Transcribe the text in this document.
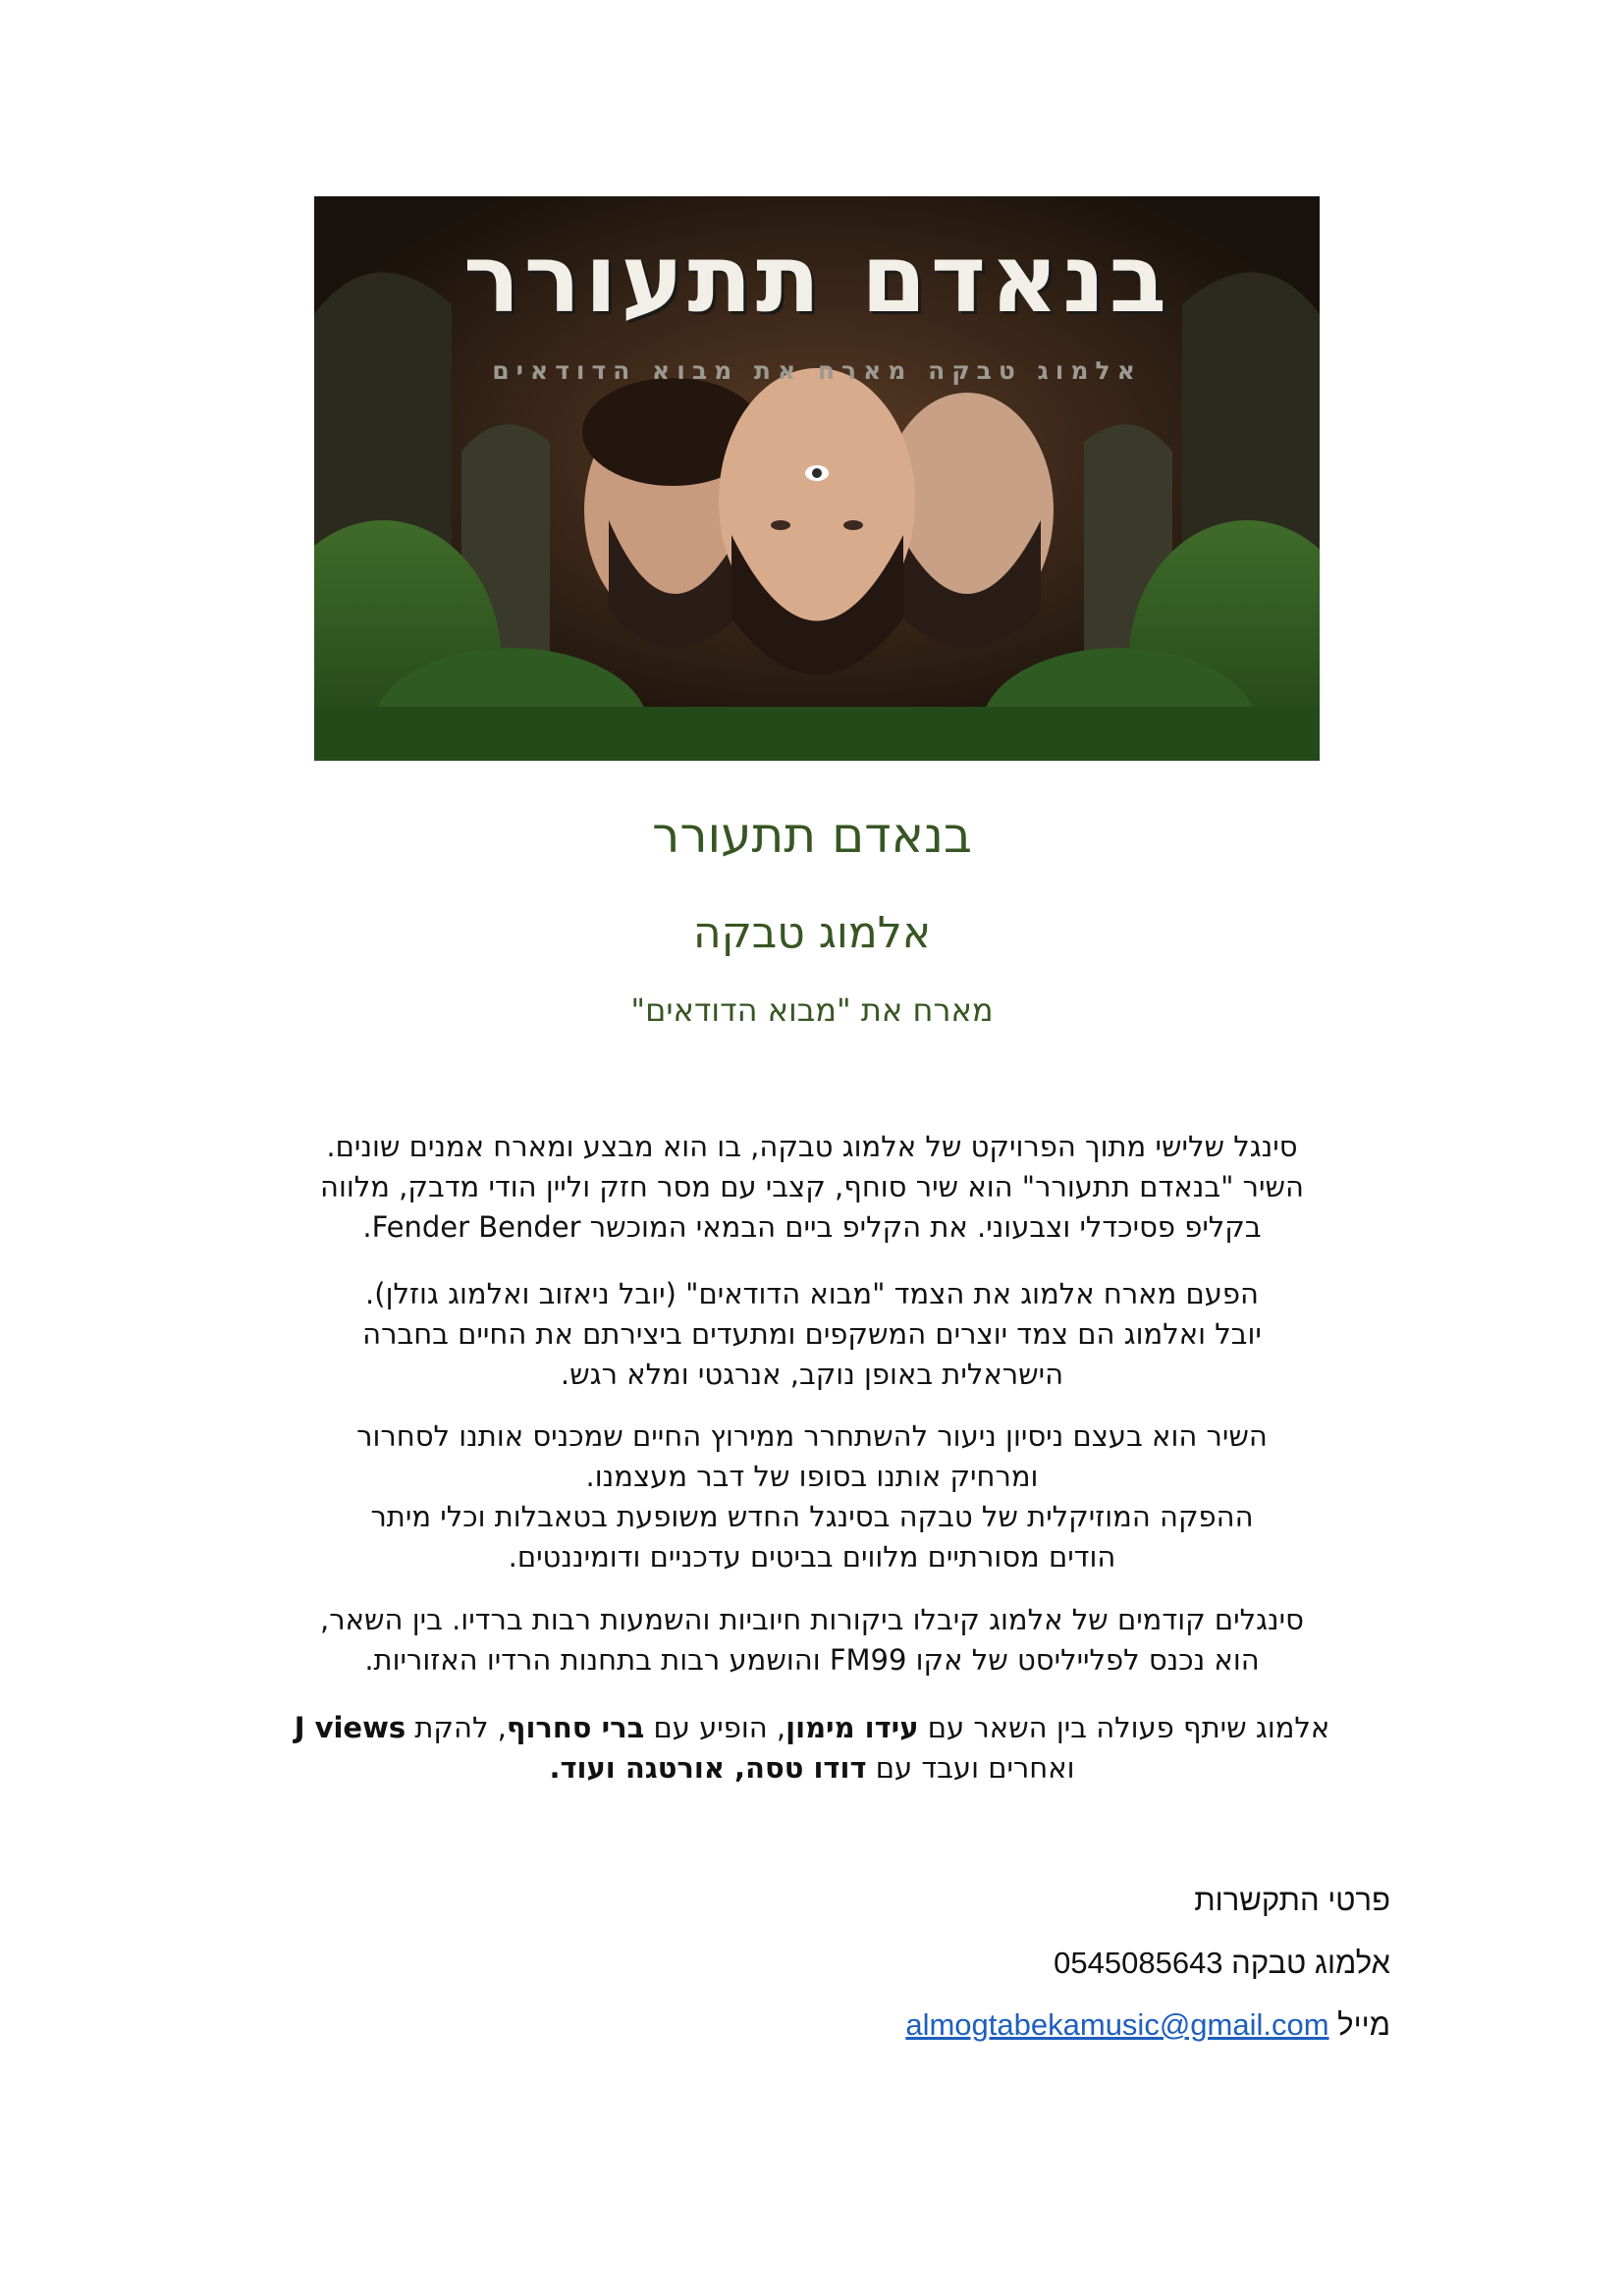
בנאדם תתעורר
אלמוג טבקה מארח את מבוא הדודאים
בנאדם תתעורר
אלמוג טבקה
מארח את "מבוא הדודאים"
סינגל שלישי מתוך הפרויקט של אלמוג טבקה, בו הוא מבצע ומארח אמנים שונים.
השיר "בנאדם תתעורר" הוא שיר סוחף, קצבי עם מסר חזק וליין הודי מדבק, מלווה
בקליפ פסיכדלי וצבעוני. את הקליפ ביים הבמאי המוכשר Fender Bender.
הפעם מארח אלמוג את הצמד "מבוא הדודאים" (יובל ניאזוב ואלמוג גוזלן).
יובל ואלמוג הם צמד יוצרים המשקפים ומתעדים ביצירתם את החיים בחברה
הישראלית באופן נוקב, אנרגטי ומלא רגש.
השיר הוא בעצם ניסיון ניעור להשתחרר ממירוץ החיים שמכניס אותנו לסחרור
ומרחיק אותנו בסופו של דבר מעצמנו.
ההפקה המוזיקלית של טבקה בסינגל החדש משופעת בטאבלות וכלי מיתר
הודים מסורתיים מלווים בביטים עדכניים ודומיננטים.
סינגלים קודמים של אלמוג קיבלו ביקורות חיוביות והשמעות רבות ברדיו. בין השאר,
הוא נכנס לפלייליסט של אקו FM99 והושמע רבות בתחנות הרדיו האזוריות.
אלמוג שיתף פעולה בין השאר עם עידו מימון, הופיע עם ברי סחרוף, להקת J views
ואחרים ועבד עם דודו טסה, אורטגה ועוד.
פרטי התקשרות
אלמוג טבקה 0545085643
מייל almogtabekamusic@gmail.com
